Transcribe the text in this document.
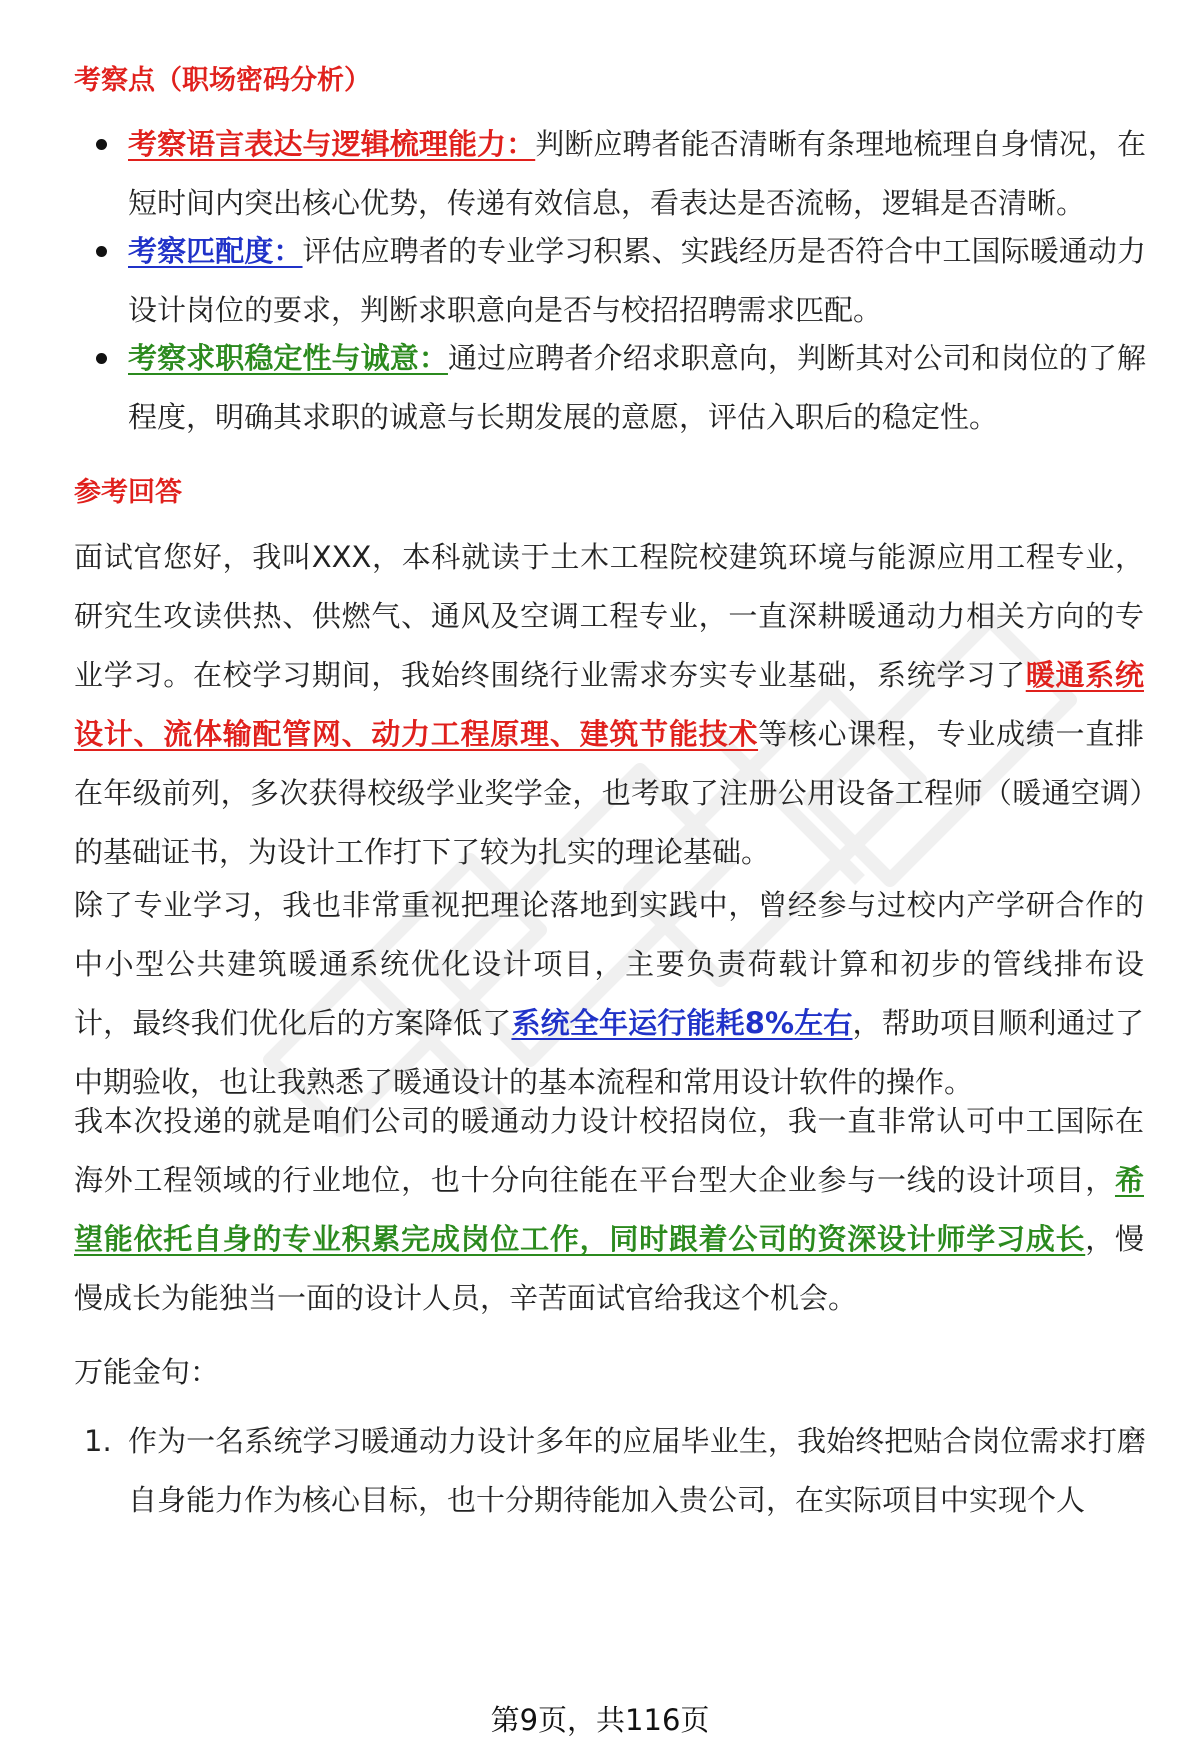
考察点（职场密码分析）
考察语言表达与逻辑梳理能力：判断应聘者能否清晰有条理地梳理自身情况，在短时间内突出核心优势，传递有效信息，看表达是否流畅，逻辑是否清晰。
考察匹配度：评估应聘者的专业学习积累、实践经历是否符合中工国际暖通动力设计岗位的要求，判断求职意向是否与校招招聘需求匹配。
考察求职稳定性与诚意：通过应聘者介绍求职意向，判断其对公司和岗位的了解程度，明确其求职的诚意与长期发展的意愿，评估入职后的稳定性。
参考回答
面试官您好，我叫XXX，本科就读于土木工程院校建筑环境与能源应用工程专业，研究生攻读供热、供燃气、通风及空调工程专业，一直深耕暖通动力相关方向的专业学习。在校学习期间，我始终围绕行业需求夯实专业基础，系统学习了暖通系统设计、流体输配管网、动力工程原理、建筑节能技术等核心课程，专业成绩一直排在年级前列，多次获得校级学业奖学金，也考取了注册公用设备工程师（暖通空调）的基础证书，为设计工作打下了较为扎实的理论基础。
除了专业学习，我也非常重视把理论落地到实践中，曾经参与过校内产学研合作的中小型公共建筑暖通系统优化设计项目，主要负责荷载计算和初步的管线排布设计，最终我们优化后的方案降低了系统全年运行能耗8%左右，帮助项目顺利通过了中期验收，也让我熟悉了暖通设计的基本流程和常用设计软件的操作。
我本次投递的就是咱们公司的暖通动力设计校招岗位，我一直非常认可中工国际在海外工程领域的行业地位，也十分向往能在平台型大企业参与一线的设计项目，希望能依托自身的专业积累完成岗位工作，同时跟着公司的资深设计师学习成长，慢慢成长为能独当一面的设计人员，辛苦面试官给我这个机会。
万能金句：
1. 作为一名系统学习暖通动力设计多年的应届毕业生，我始终把贴合岗位需求打磨自身能力作为核心目标，也十分期待能加入贵公司，在实际项目中实现个人
第9页，共116页
